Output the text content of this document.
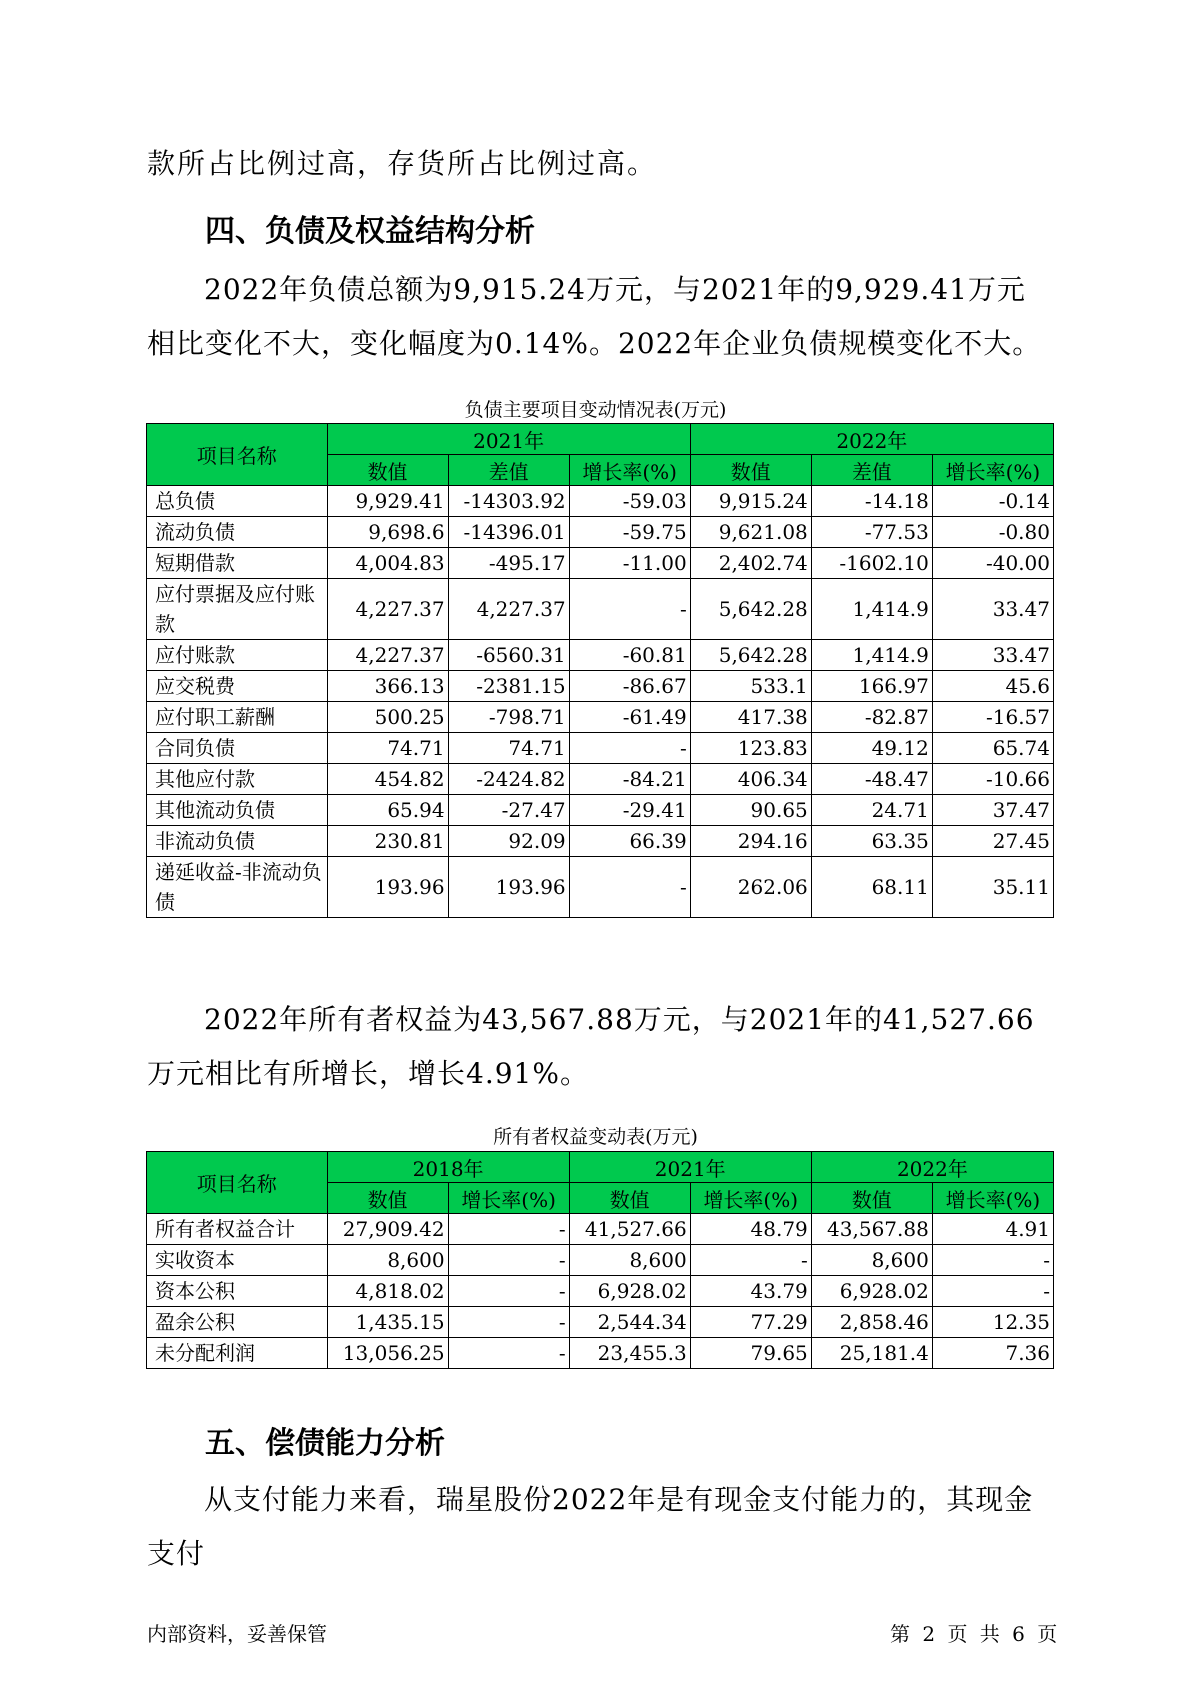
款所占比例过高，存货所占比例过高。
四、负债及权益结构分析
2022年负债总额为9,915.24万元，与2021年的9,929.41万元相比变化不大，变化幅度为0.14%。2022年企业负债规模变化不大。
负债主要项目变动情况表(万元)
项目名称	2021年			2022年		
	数值	差值	增长率(%)	数值	差值	增长率(%)
总负债	9,929.41	-14303.92	-59.03	9,915.24	-14.18	-0.14
流动负债	9,698.6	-14396.01	-59.75	9,621.08	-77.53	-0.80
短期借款	4,004.83	-495.17	-11.00	2,402.74	-1602.10	-40.00
应付票据及应付账款	4,227.37	4,227.37	-	5,642.28	1,414.9	33.47
应付账款	4,227.37	-6560.31	-60.81	5,642.28	1,414.9	33.47
应交税费	366.13	-2381.15	-86.67	533.1	166.97	45.6
应付职工薪酬	500.25	-798.71	-61.49	417.38	-82.87	-16.57
合同负债	74.71	74.71	-	123.83	49.12	65.74
其他应付款	454.82	-2424.82	-84.21	406.34	-48.47	-10.66
其他流动负债	65.94	-27.47	-29.41	90.65	24.71	37.47
非流动负债	230.81	92.09	66.39	294.16	63.35	27.45
递延收益-非流动负债	193.96	193.96	-	262.06	68.11	35.11
2022年所有者权益为43,567.88万元，与2021年的41,527.66万元相比有所增长，增长4.91%。
所有者权益变动表(万元)
项目名称	2018年		2021年		2022年	
	数值	增长率(%)	数值	增长率(%)	数值	增长率(%)
所有者权益合计	27,909.42	-	41,527.66	48.79	43,567.88	4.91
实收资本	8,600	-	8,600	-	8,600	-
资本公积	4,818.02	-	6,928.02	43.79	6,928.02	-
盈余公积	1,435.15	-	2,544.34	77.29	2,858.46	12.35
未分配利润	13,056.25	-	23,455.3	79.65	25,181.4	7.36
五、偿债能力分析
从支付能力来看，瑞星股份2022年是有现金支付能力的，其现金支付
内部资料，妥善保管	第 2 页 共 6 页
